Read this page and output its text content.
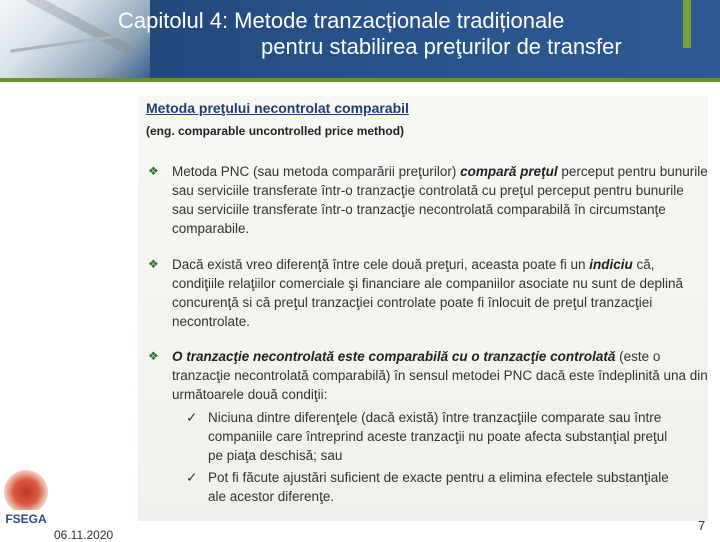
Capitolul 4: Metode tranzacționale tradiționale
pentru stabilirea preţurilor de transfer
Metoda preţului necontrolat comparabil
(eng. comparable uncontrolled price method)
❖ Metoda PNC (sau metoda comparării preţurilor) compară preţul perceput pentru bunurile sau serviciile transferate într-o tranzacţie controlată cu preţul perceput pentru bunurile sau serviciile transferate într-o tranzacţie necontrolată comparabilă în circumstanţe comparabile.
❖ Dacă există vreo diferenţă între cele două preţuri, aceasta poate fi un indiciu că, condiţiile relaţiilor comerciale şi financiare ale companiilor asociate nu sunt de deplină concurenţă si că preţul tranzacţiei controlate poate fi înlocuit de preţul tranzacţiei necontrolate.
❖ O tranzacţie necontrolată este comparabilă cu o tranzacţie controlată (este o tranzacţie necontrolată comparabilă) în sensul metodei PNC dacă este îndeplinită una din următoarele două condiţii:
✓ Niciuna dintre diferenţele (dacă există) între tranzacţiile comparate sau între companiile care întreprind aceste tranzacţii nu poate afecta substanţial preţul pe piaţa deschisă; sau
✓ Pot fi făcute ajustări suficient de exacte pentru a elimina efectele substanţiale ale acestor diferenţe.
FSEGA
06.11.2020
7
